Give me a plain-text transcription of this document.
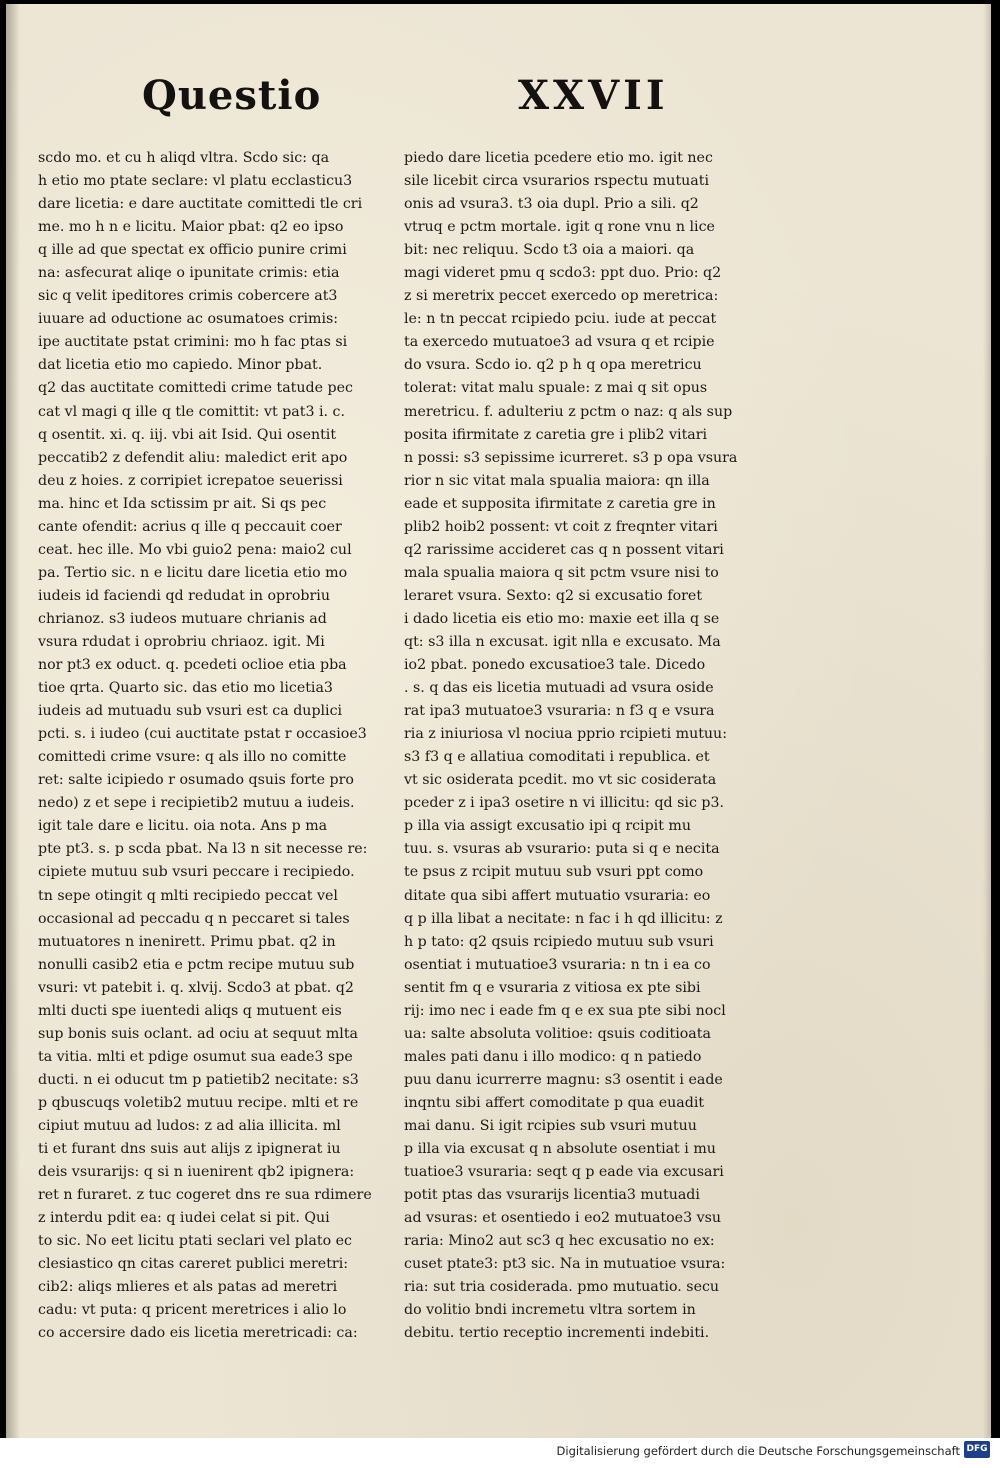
Questio	XXVII
scdo mo. et cu h aliqd vltra. Scdo sic: qa
h etio mo ptate seclare: vl platu ecclasticu3
dare licetia: e dare auctitate comittedi tle cri
me. mo h n e licitu. Maior pbat: q2 eo ipso
q ille ad que spectat ex officio punire crimi
na: asfecurat aliqe o ipunitate crimis: etia
sic q velit ipeditores crimis cobercere at3
iuuare ad oductione ac osumatoes crimis:
ipe auctitate pstat crimini: mo h fac ptas si
dat licetia etio mo capiedo. Minor pbat.
q2 das auctitate comittedi crime tatude pec
cat vl magi q ille q tle comittit: vt pat3 i. c.
q osentit. xi. q. iij. vbi ait Isid. Qui osentit
peccatib2 z defendit aliu: maledict erit apo
deu z hoies. z corripiet icrepatoe seuerissi
ma. hinc et Ida sctissim pr ait. Si qs pec
cante ofendit: acrius q ille q peccauit coer
ceat. hec ille. Mo vbi guio2 pena: maio2 cul
pa. Tertio sic. n e licitu dare licetia etio mo
iudeis id faciendi qd redudat in oprobriu
chrianoz. s3 iudeos mutuare chrianis ad
vsura rdudat i oprobriu chriaoz. igit. Mi
nor pt3 ex oduct. q. pcedeti oclioe etia pba
tioe qrta. Quarto sic. das etio mo licetia3
iudeis ad mutuadu sub vsuri est ca duplici
pcti. s. i iudeo (cui auctitate pstat r occasioe3
comittedi crime vsure: q als illo no comitte
ret: salte icipiedo r osumado qsuis forte pro
nedo) z et sepe i recipietib2 mutuu a iudeis.
igit tale dare e licitu. oia nota. Ans p ma
pte pt3. s. p scda pbat. Na l3 n sit necesse re:
cipiete mutuu sub vsuri peccare i recipiedo.
tn sepe otingit q mlti recipiedo peccat vel
occasional ad peccadu q n peccaret si tales
mutuatores n inenirett. Primu pbat. q2 in
nonulli casib2 etia e pctm recipe mutuu sub
vsuri: vt patebit i. q. xlvij. Scdo3 at pbat. q2
mlti ducti spe iuentedi aliqs q mutuent eis
sup bonis suis oclant. ad ociu at sequut mlta
ta vitia. mlti et pdige osumut sua eade3 spe
ducti. n ei oducut tm p patietib2 necitate: s3
p qbuscuqs voletib2 mutuu recipe. mlti et re
cipiut mutuu ad ludos: z ad alia illicita. ml
ti et furant dns suis aut alijs z ipignerat iu
deis vsurarijs: q si n iuenirent qb2 ipignera:
ret n furaret. z tuc cogeret dns re sua rdimere
z interdu pdit ea: q iudei celat si pit. Qui
to sic. No eet licitu ptati seclari vel plato ec
clesiastico qn citas careret publici meretri:
cib2: aliqs mlieres et als patas ad meretri
cadu: vt puta: q pricent meretrices i alio lo
co accersire dado eis licetia meretricadi: ca:
piedo dare licetia pcedere etio mo. igit nec
sile licebit circa vsurarios rspectu mutuati
onis ad vsura3. t3 oia dupl. Prio a sili. q2
vtruq e pctm mortale. igit q rone vnu n lice
bit: nec reliquu. Scdo t3 oia a maiori. qa
magi videret pmu q scdo3: ppt duo. Prio: q2
z si meretrix peccet exercedo op meretrica:
le: n tn peccat rcipiedo pciu. iude at peccat
ta exercedo mutuatoe3 ad vsura q et rcipie
do vsura. Scdo io. q2 p h q opa meretricu
tolerat: vitat malu spuale: z mai q sit opus
meretricu. f. adulteriu z pctm o naz: q als sup
posita ifirmitate z caretia gre i plib2 vitari
n possi: s3 sepissime icurreret. s3 p opa vsura
rior n sic vitat mala spualia maiora: qn illa
eade et supposita ifirmitate z caretia gre in
plib2 hoib2 possent: vt coit z freqnter vitari
q2 rarissime accideret cas q n possent vitari
mala spualia maiora q sit pctm vsure nisi to
leraret vsura. Sexto: q2 si excusatio foret
i dado licetia eis etio mo: maxie eet illa q se
qt: s3 illa n excusat. igit nlla e excusato. Ma
io2 pbat. ponedo excusatioe3 tale. Dicedo
. s. q das eis licetia mutuadi ad vsura oside
rat ipa3 mutuatoe3 vsuraria: n f3 q e vsura
ria z iniuriosa vl nociua pprio rcipieti mutuu:
s3 f3 q e allatiua comoditati i republica. et
vt sic osiderata pcedit. mo vt sic cosiderata
pceder z i ipa3 osetire n vi illicitu: qd sic p3.
p illa via assigt excusatio ipi q rcipit mu
tuu. s. vsuras ab vsurario: puta si q e necita
te psus z rcipit mutuu sub vsuri ppt como
ditate qua sibi affert mutuatio vsuraria: eo
q p illa libat a necitate: n fac i h qd illicitu: z
h p tato: q2 qsuis rcipiedo mutuu sub vsuri
osentiat i mutuatioe3 vsuraria: n tn i ea co
sentit fm q e vsuraria z vitiosa ex pte sibi
rij: imo nec i eade fm q e ex sua pte sibi nocl
ua: salte absoluta volitioe: qsuis coditioata
males pati danu i illo modico: q n patiedo
puu danu icurrerre magnu: s3 osentit i eade
inqntu sibi affert comoditate p qua euadit
mai danu. Si igit rcipies sub vsuri mutuu
p illa via excusat q n absolute osentiat i mu
tuatioe3 vsuraria: seqt q p eade via excusari
potit ptas das vsurarijs licentia3 mutuadi
ad vsuras: et osentiedo i eo2 mutuatoe3 vsu
raria: Mino2 aut sc3 q hec excusatio no ex:
cuset ptate3: pt3 sic. Na in mutuatioe vsura:
ria: sut tria cosiderada. pmo mutuatio. secu
do volitio bndi incremetu vltra sortem in
debitu. tertio receptio incrementi indebiti.
Digitalisierung gefördert durch die Deutsche Forschungsgemeinschaft DFG
